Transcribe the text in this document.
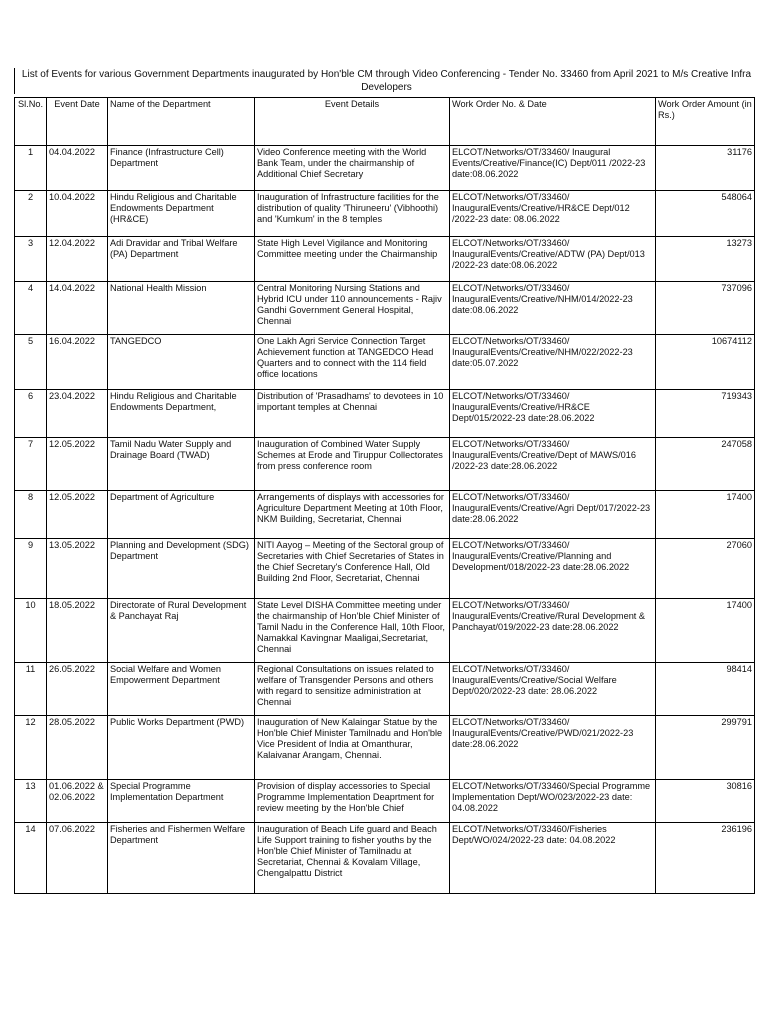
List of Events for various Government Departments inaugurated by Hon'ble CM through Video Conferencing - Tender No. 33460 from April 2021 to M/s Creative Infra Developers
Sl.No.	Event Date	Name of the Department	Event Details	Work Order No. & Date	Work Order Amount (in Rs.)
1	04.04.2022	Finance (Infrastructure Cell) Department	Video Conference meeting with the World Bank Team, under the chairmanship of Additional Chief Secretary	ELCOT/Networks/OT/33460/ Inaugural Events/Creative/Finance(IC) Dept/011 /2022-23 date:08.06.2022	31176
2	10.04.2022	Hindu Religious and Charitable Endowments Department (HR&CE)	Inauguration of Infrastructure facilities for the distribution of quality 'Thiruneeru' (Vibhoothi) and 'Kumkum' in the 8 temples	ELCOT/Networks/OT/33460/ InauguralEvents/Creative/HR&CE Dept/012 /2022-23 date: 08.06.2022	548064
3	12.04.2022	Adi Dravidar and Tribal Welfare (PA) Department	State High Level Vigilance and Monitoring Committee meeting under the Chairmanship	ELCOT/Networks/OT/33460/ InauguralEvents/Creative/ADTW (PA) Dept/013 /2022-23 date:08.06.2022	13273
4	14.04.2022	National Health Mission	Central Monitoring Nursing Stations and Hybrid ICU under 110 announcements - Rajiv Gandhi Government General Hospital, Chennai	ELCOT/Networks/OT/33460/ InauguralEvents/Creative/NHM/014/2022-23 date:08.06.2022	737096
5	16.04.2022	TANGEDCO	One Lakh Agri Service Connection Target Achievement function at TANGEDCO Head Quarters and to connect with the 114 field office locations	ELCOT/Networks/OT/33460/ InauguralEvents/Creative/NHM/022/2022-23 date:05.07.2022	10674112
6	23.04.2022	Hindu Religious and Charitable Endowments Department,	Distribution of 'Prasadhams' to devotees in 10 important temples at Chennai	ELCOT/Networks/OT/33460/ InauguralEvents/Creative/HR&CE Dept/015/2022-23 date:28.06.2022	719343
7	12.05.2022	Tamil Nadu Water Supply and Drainage Board (TWAD)	Inauguration of Combined Water Supply Schemes at Erode and Tiruppur Collectorates from press conference room	ELCOT/Networks/OT/33460/ InauguralEvents/Creative/Dept of MAWS/016 /2022-23 date:28.06.2022	247058
8	12.05.2022	Department of Agriculture	Arrangements of displays with accessories for Agriculture Department Meeting at 10th Floor, NKM Building, Secretariat, Chennai	ELCOT/Networks/OT/33460/ InauguralEvents/Creative/Agri Dept/017/2022-23 date:28.06.2022	17400
9	13.05.2022	Planning and Development (SDG) Department	NITI Aayog – Meeting of the Sectoral group of Secretaries with Chief Secretaries of States in the Chief Secretary's Conference Hall, Old Building 2nd Floor, Secretariat, Chennai	ELCOT/Networks/OT/33460/ InauguralEvents/Creative/Planning and Development/018/2022-23 date:28.06.2022	27060
10	18.05.2022	Directorate of Rural Development & Panchayat Raj	State Level DISHA Committee meeting under the chairmanship of Hon'ble Chief Minister of Tamil Nadu in the Conference Hall, 10th Floor, Namakkal Kavingnar Maaligai,Secretariat, Chennai	ELCOT/Networks/OT/33460/ InauguralEvents/Creative/Rural Development & Panchayat/019/2022-23 date:28.06.2022	17400
11	26.05.2022	Social Welfare and Women Empowerment Department	Regional Consultations on issues related to welfare of Transgender Persons and others with regard to sensitize administration at Chennai	ELCOT/Networks/OT/33460/ InauguralEvents/Creative/Social Welfare Dept/020/2022-23 date: 28.06.2022	98414
12	28.05.2022	Public Works Department (PWD)	Inauguration of New Kalaingar Statue by the Hon'ble Chief Minister Tamilnadu and Hon'ble Vice President of India at Omanthurar, Kalaivanar Arangam, Chennai.	ELCOT/Networks/OT/33460/ InauguralEvents/Creative/PWD/021/2022-23 date:28.06.2022	299791
13	01.06.2022 & 02.06.2022	Special Programme Implementation Department	Provision of display accessories to Special Programme Implementation Deaprtment for review meeting by the Hon'ble Chief	ELCOT/Networks/OT/33460/Special Programme Implementation Dept/WO/023/2022-23 date: 04.08.2022	30816
14	07.06.2022	Fisheries and Fishermen Welfare Department	Inauguration of Beach Life guard and Beach Life Support training to fisher youths by the Hon'ble Chief Minister of Tamilnadu at Secretariat, Chennai & Kovalam Village, Chengalpattu District	ELCOT/Networks/OT/33460/Fisheries Dept/WO/024/2022-23 date: 04.08.2022	236196
